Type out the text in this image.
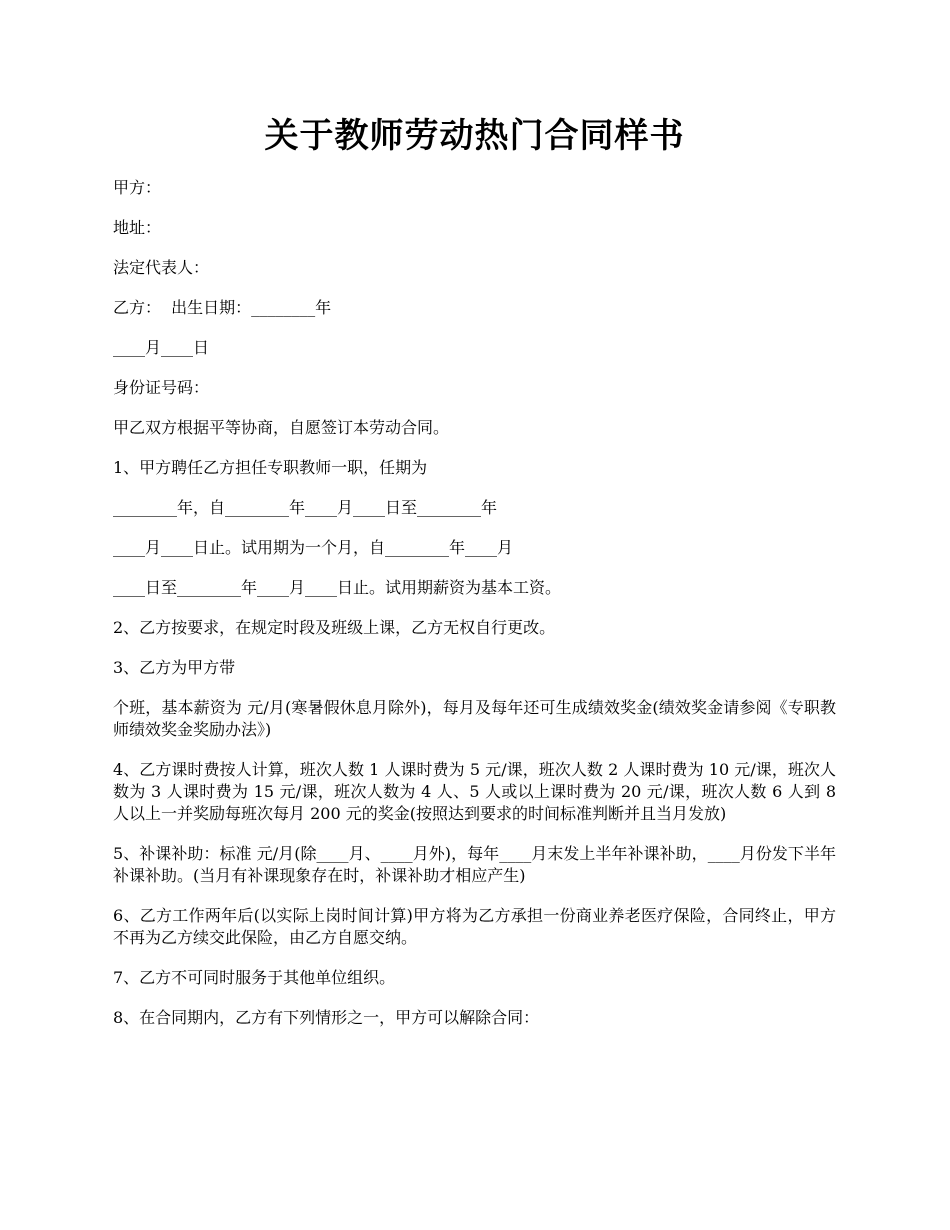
关于教师劳动热门合同样书

甲方：

地址：

法定代表人：

乙方：  出生日期：________年

____月____日

身份证号码：

甲乙双方根据平等协商，自愿签订本劳动合同。

1、甲方聘任乙方担任专职教师一职，任期为

________年，自________年____月____日至________年

____月____日止。试用期为一个月，自________年____月

____日至________年____月____日止。试用期薪资为基本工资。

2、乙方按要求，在规定时段及班级上课，乙方无权自行更改。

3、乙方为甲方带

个班，基本薪资为 元/月(寒暑假休息月除外)，每月及每年还可生成绩效奖金(绩效奖金请参阅《专职教师绩效奖金奖励办法》)

4、乙方课时费按人计算，班次人数 1 人课时费为 5 元/课，班次人数 2 人课时费为 10 元/课，班次人数为 3 人课时费为 15 元/课，班次人数为 4 人、5 人或以上课时费为 20 元/课，班次人数 6 人到 8 人以上一并奖励每班次每月 200 元的奖金(按照达到要求的时间标准判断并且当月发放)

5、补课补助：标准 元/月(除____月、____月外)，每年____月末发上半年补课补助，____月份发下半年补课补助。(当月有补课现象存在时，补课补助才相应产生)

6、乙方工作两年后(以实际上岗时间计算)甲方将为乙方承担一份商业养老医疗保险，合同终止，甲方不再为乙方续交此保险，由乙方自愿交纳。

7、乙方不可同时服务于其他单位组织。

8、在合同期内，乙方有下列情形之一，甲方可以解除合同：
